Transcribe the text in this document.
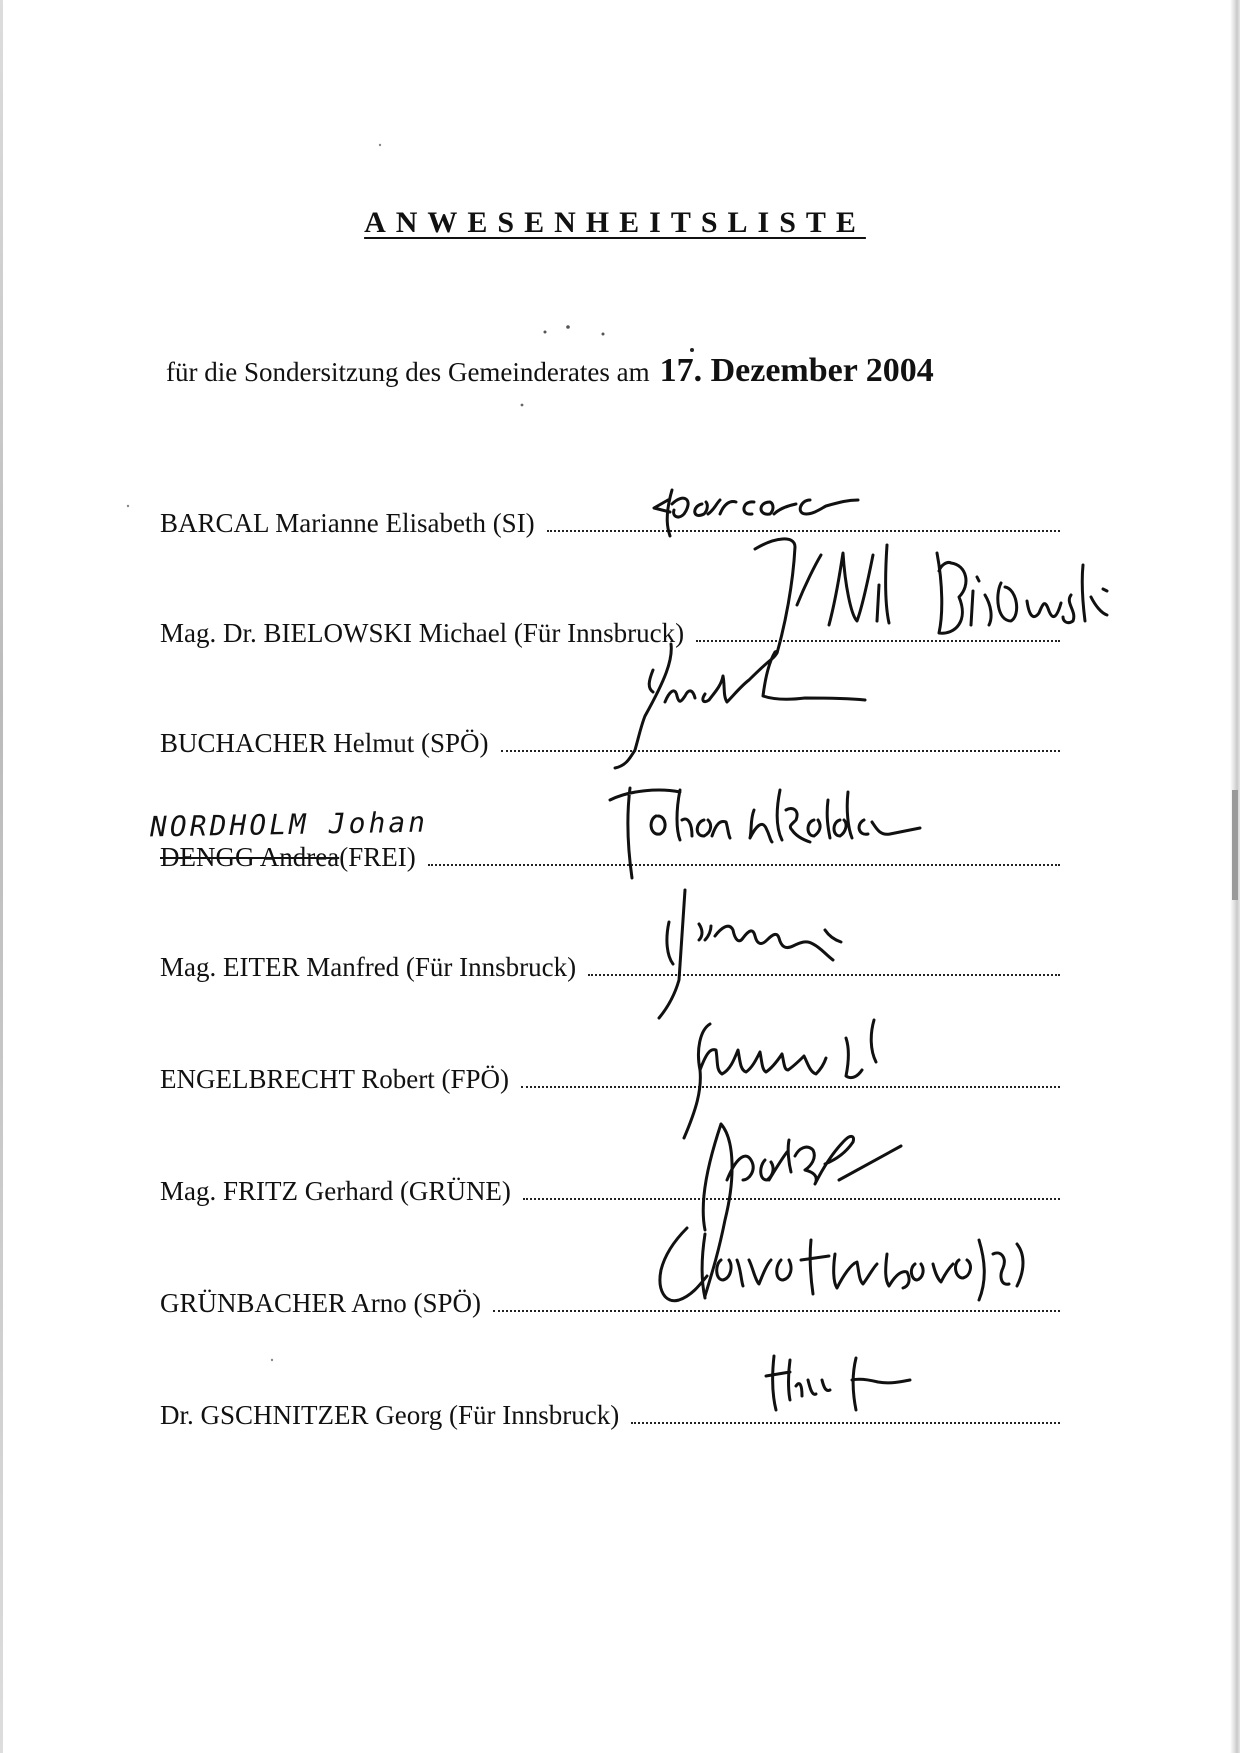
ANWESENHEITSLISTE
für die Sondersitzung des Gemeinderates am 17. Dezember 2004
BARCAL Marianne Elisabeth (SI)
Mag. Dr. BIELOWSKI Michael (Für Innsbruck)
BUCHACHER Helmut (SPÖ)
NORDHOLM Johan
DENGG Andrea(FREI)
Mag. EITER Manfred (Für Innsbruck)
ENGELBRECHT Robert (FPÖ)
Mag. FRITZ Gerhard (GRÜNE)
GRÜNBACHER Arno (SPÖ)
Dr. GSCHNITZER Georg (Für Innsbruck)
